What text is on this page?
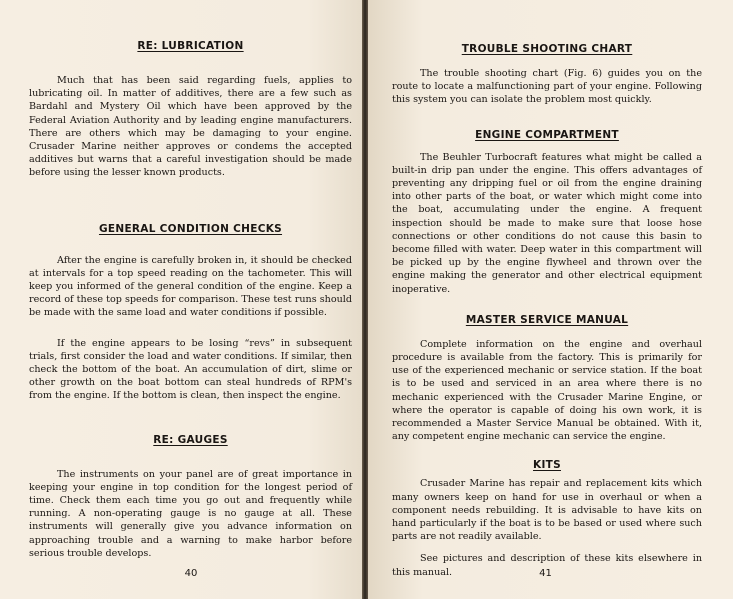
RE: LUBRICATION

Much that has been said regarding fuels, applies to lubricating oil. In matter of additives, there are a few such as Bardahl and Mystery Oil which have been approved by the Federal Aviation Authority and by leading engine manufacturers. There are others which may be damaging to your engine. Crusader Marine neither approves or condems the accepted additives but warns that a careful investigation should be made before using the lesser known products.

GENERAL CONDITION CHECKS

After the engine is carefully broken in, it should be checked at intervals for a top speed reading on the tachometer. This will keep you informed of the general condition of the engine. Keep a record of these top speeds for comparison. These test runs should be made with the same load and water conditions if possible.

If the engine appears to be losing “revs” in subsequent trials, first consider the load and water conditions. If similar, then check the bottom of the boat. An accumulation of dirt, slime or other growth on the boat bottom can steal hundreds of RPM's from the engine. If the bottom is clean, then inspect the engine.

RE: GAUGES

The instruments on your panel are of great importance in keeping your engine in top condition for the longest period of time. Check them each time you go out and frequently while running. A non-operating gauge is no gauge at all. These instruments will generally give you advance information on approaching trouble and a warning to make harbor before serious trouble develops.

40
TROUBLE SHOOTING CHART

The trouble shooting chart (Fig. 6) guides you on the route to locate a malfunctioning part of your engine. Following this system you can isolate the problem most quickly.

ENGINE COMPARTMENT

The Beuhler Turbocraft features what might be called a built-in drip pan under the engine. This offers advantages of preventing any dripping fuel or oil from the engine draining into other parts of the boat, or water which might come into the boat, accumulating under the engine. A frequent inspection should be made to make sure that loose hose connections or other conditions do not cause this basin to become filled with water. Deep water in this compartment will be picked up by the engine flywheel and thrown over the engine making the generator and other electrical equipment inoperative.

MASTER SERVICE MANUAL

Complete information on the engine and overhaul procedure is available from the factory. This is primarily for use of the experienced mechanic or service station. If the boat is to be used and serviced in an area where there is no mechanic experienced with the Crusader Marine Engine, or where the operator is capable of doing his own work, it is recommended a Master Service Manual be obtained. With it, any competent engine mechanic can service the engine.

KITS

Crusader Marine has repair and replacement kits which many owners keep on hand for use in overhaul or when a component needs rebuilding. It is advisable to have kits on hand particularly if the boat is to be based or used where such parts are not readily available.

See pictures and description of these kits elsewhere in this manual.	41
